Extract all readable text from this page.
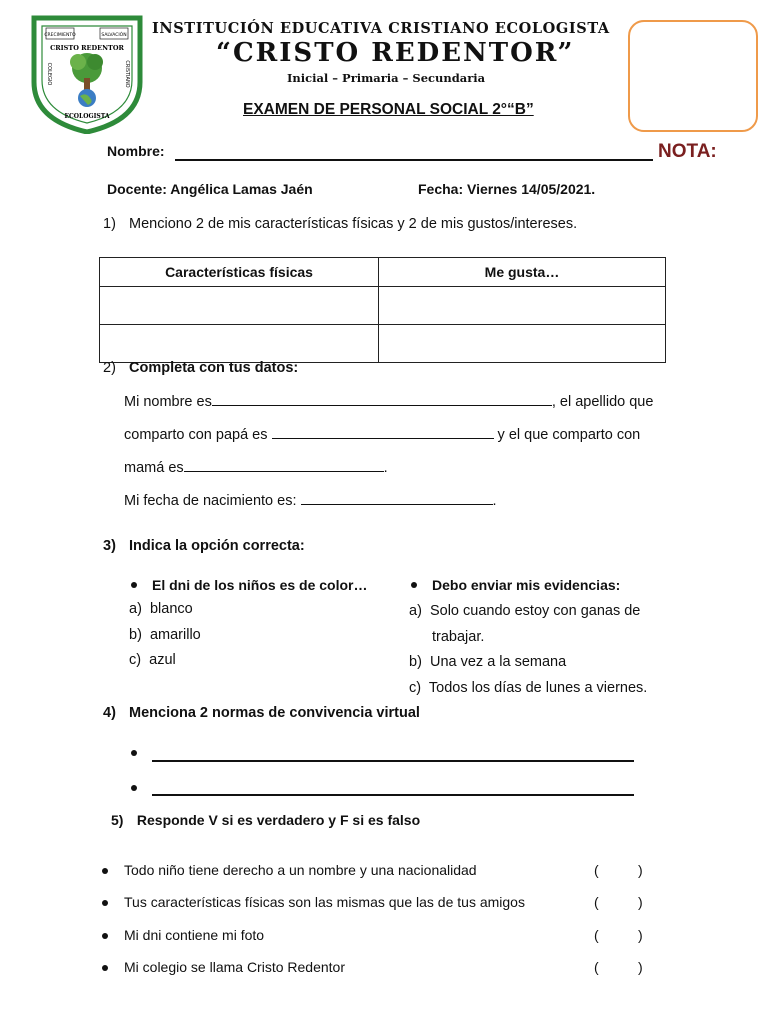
CRECIMIENTO	SALVACIÓN
CRISTO REDENTOR
COLEGIO	CRISTIANO
ECOLOGISTA
INSTITUCIÓN EDUCATIVA CRISTIANO ECOLOGISTA
“CRISTO REDENTOR”
Inicial – Primaria – Secundaria
EXAMEN DE PERSONAL SOCIAL 2°“B”
Nombre:	NOTA:
Docente: Angélica Lamas Jaén	Fecha: Viernes 14/05/2021.
1) Menciono 2 de mis características físicas y 2 de mis gustos/intereses.
Características físicas	Me gusta…

2) Completa con tus datos:
Mi nombre es	, el apellido que
comparto con papá es	y el que comparto con
mamá es	.
Mi fecha de nacimiento es:	.
3) Indica la opción correcta:
El dni de los niños es de color…
a) blanco
b) amarillo
c) azul
Debo enviar mis evidencias:
a) Solo cuando estoy con ganas de
trabajar.
b) Una vez a la semana
c) Todos los días de lunes a viernes.
4) Menciona 2 normas de convivencia virtual
5) Responde V si es verdadero y F si es falso
Todo niño tiene derecho a un nombre y una nacionalidad	(	)
Tus características físicas son las mismas que las de tus amigos	(	)
Mi dni contiene mi foto	(	)
Mi colegio se llama Cristo Redentor	(	)
